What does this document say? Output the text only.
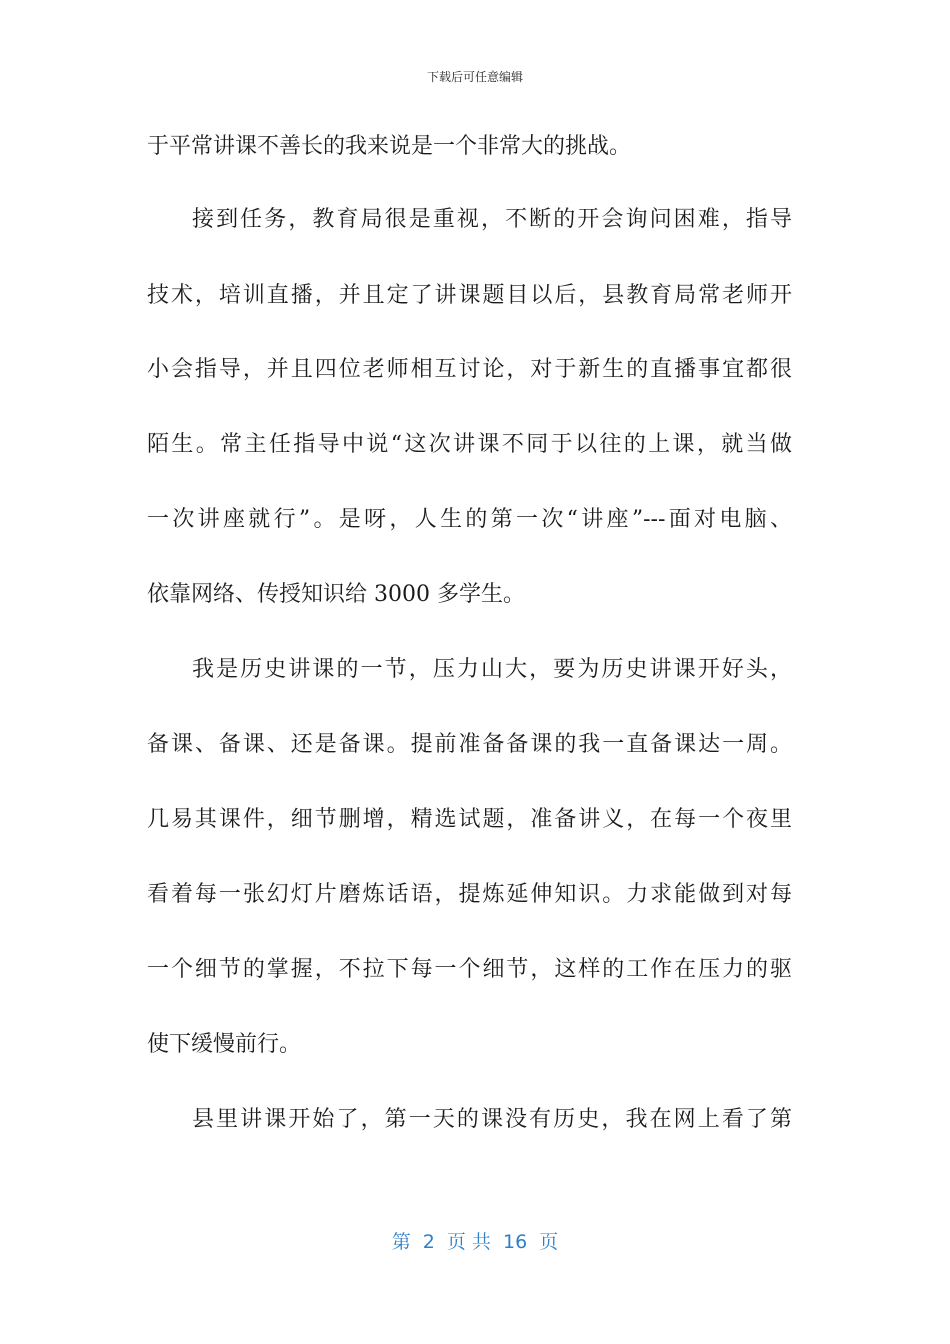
下载后可任意编辑
于平常讲课不善长的我来说是一个非常大的挑战。
接到任务，教育局很是重视，不断的开会询问困难，指导
技术，培训直播，并且定了讲课题目以后，县教育局常老师开
小会指导，并且四位老师相互讨论，对于新生的直播事宜都很
陌生。常主任指导中说“这次讲课不同于以往的上课，就当做
一次讲座就行”。是呀，人生的第一次“讲座”---面对电脑、
依靠网络、传授知识给 3000 多学生。
我是历史讲课的一节，压力山大，要为历史讲课开好头，
备课、备课、还是备课。提前准备备课的我一直备课达一周。
几易其课件，细节删增，精选试题，准备讲义，在每一个夜里
看着每一张幻灯片磨炼话语，提炼延伸知识。力求能做到对每
一个细节的掌握，不拉下每一个细节，这样的工作在压力的驱
使下缓慢前行。
县里讲课开始了，第一天的课没有历史，我在网上看了第
第  2  页 共  16  页
